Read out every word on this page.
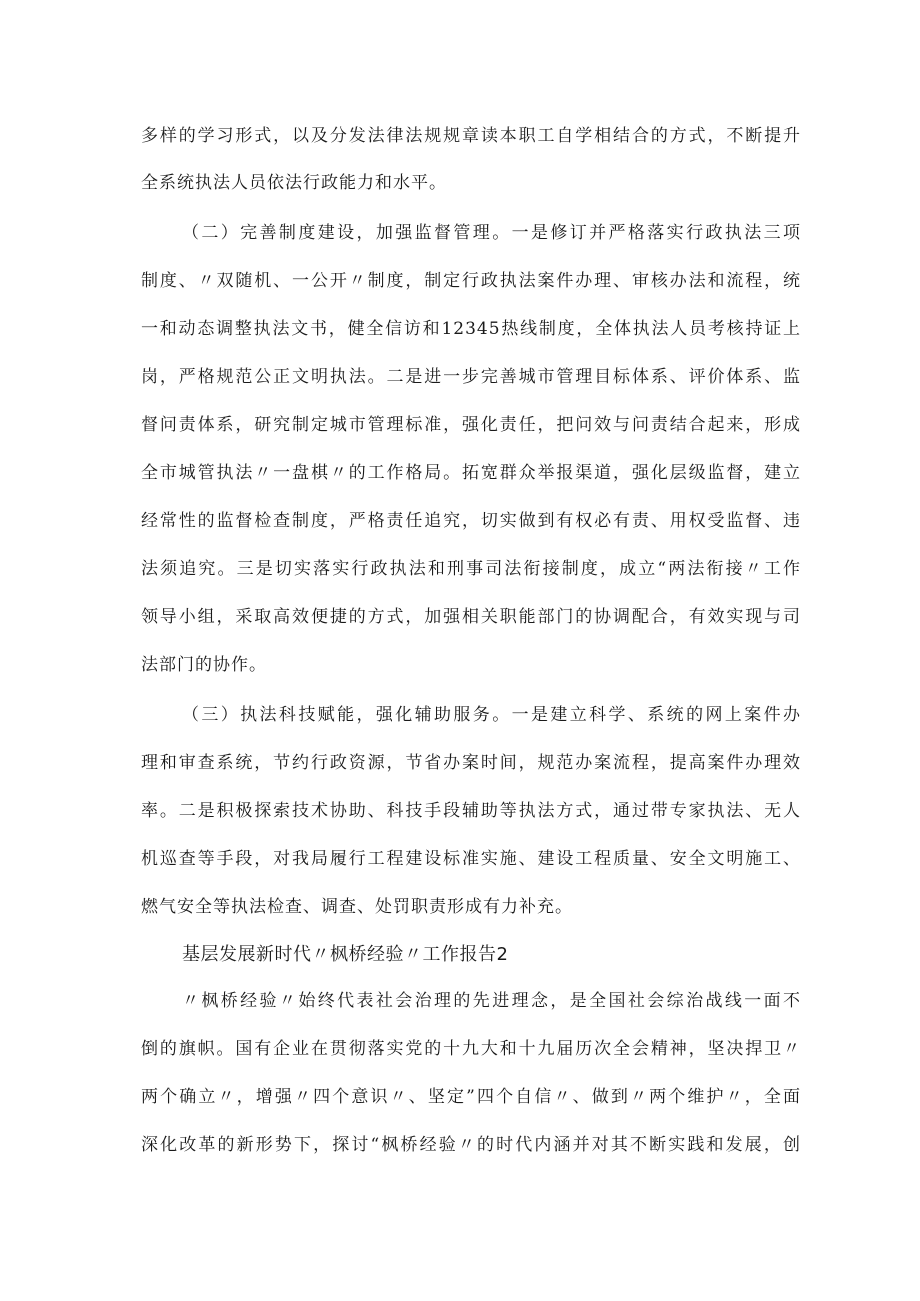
多样的学习形式，以及分发法律法规规章读本职工自学相结合的方式，不断提升
全系统执法人员依法行政能力和水平。
（二）完善制度建设，加强监督管理。一是修订并严格落实行政执法三项
制度、〃双随机、一公开〃制度，制定行政执法案件办理、审核办法和流程，统
一和动态调整执法文书，健全信访和12345热线制度，全体执法人员考核持证上
岗，严格规范公正文明执法。二是进一步完善城市管理目标体系、评价体系、监
督问责体系，研究制定城市管理标准，强化责任，把问效与问责结合起来，形成
全市城管执法〃一盘棋〃的工作格局。拓宽群众举报渠道，强化层级监督，建立
经常性的监督检查制度，严格责任追究，切实做到有权必有责、用权受监督、违
法须追究。三是切实落实行政执法和刑事司法衔接制度，成立“两法衔接〃工作
领导小组，采取高效便捷的方式，加强相关职能部门的协调配合，有效实现与司
法部门的协作。
（三）执法科技赋能，强化辅助服务。一是建立科学、系统的网上案件办
理和审查系统，节约行政资源，节省办案时间，规范办案流程，提高案件办理效
率。二是积极探索技术协助、科技手段辅助等执法方式，通过带专家执法、无人
机巡查等手段，对我局履行工程建设标准实施、建设工程质量、安全文明施工、
燃气安全等执法检查、调查、处罚职责形成有力补充。
基层发展新时代〃枫桥经验〃工作报告2
〃枫桥经验〃始终代表社会治理的先进理念，是全国社会综治战线一面不
倒的旗帜。国有企业在贯彻落实党的十九大和十九届历次全会精神，坚决捍卫〃
两个确立〃，增强〃四个意识〃、坚定”四个自信〃、做到〃两个维护〃，全面
深化改革的新形势下，探讨“枫桥经验〃的时代内涵并对其不断实践和发展，创
